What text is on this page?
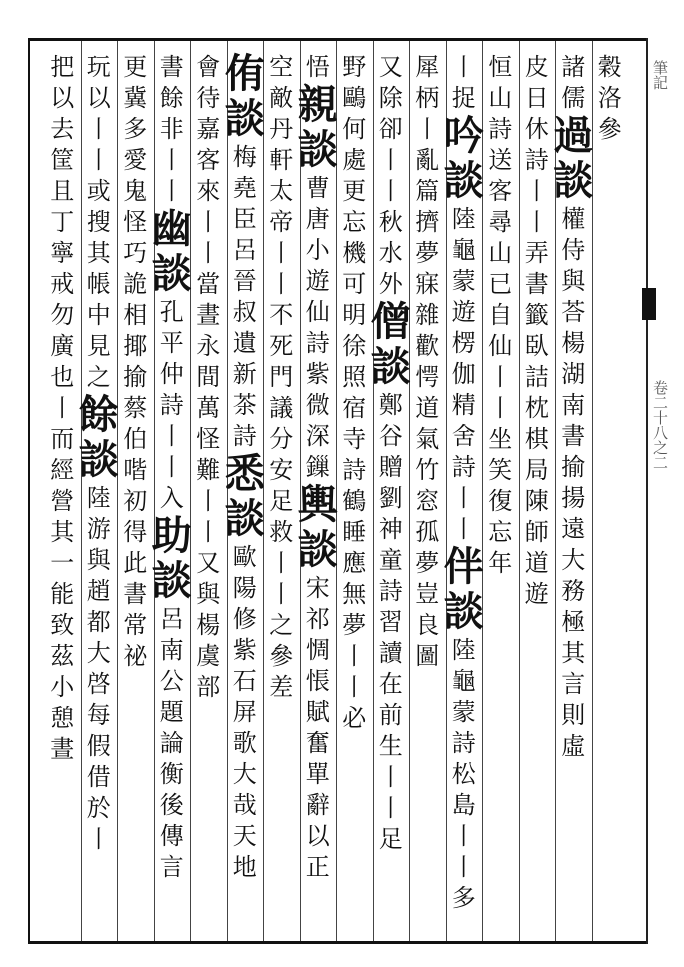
筆記
卷二十八之二
穀
洛
參
諸
儒
過
談
權
侍
與
荅
楊
湖
南
書
揄
揚
遠
大
務
極
其
言
則
虛
皮
日
休
詩
丨
丨
弄
書
籤
臥
詰
枕
棋
局
陳
師
道
遊
恒
山
詩
送
客
尋
山
已
自
仙
丨
丨
坐
笑
復
忘
年
丨
捉
吟
談
陸
龜
蒙
遊
楞
伽
精
舍
詩
丨
丨
伴
談
陸
龜
蒙
詩
松
島
丨
丨
多
犀
柄
丨
亂
篇
擠
夢
寐
雜
歡
愕
道
氣
竹
窓
孤
夢
豈
良
圖
又
除
卻
丨
丨
秋
水
外
僧
談
鄭
谷
贈
劉
神
童
詩
習
讀
在
前
生
丨
丨
足
野
鷗
何
處
更
忘
機
可
明
徐
照
宿
寺
詩
鶴
睡
應
無
夢
丨
丨
必
悟
親
談
曹
唐
小
遊
仙
詩
紫
微
深
鏁
輿
談
宋
祁
惆
悵
賦
奮
單
辭
以
正
空
敵
丹
軒
太
帝
丨
丨
不
死
門
議
分
安
足
救
丨
丨
之
參
差
侑
談
梅
堯
臣
呂
晉
叔
遺
新
茶
詩
悉
談
歐
陽
修
紫
石
屏
歌
大
哉
天
地
會
待
嘉
客
來
丨
丨
當
晝
永
間
萬
怪
難
丨
丨
又
與
楊
虞
部
書
餘
非
丨
丨
幽
談
孔
平
仲
詩
丨
丨
入
助
談
呂
南
公
題
論
衡
後
傳
言
更
冀
多
愛
鬼
怪
巧
詭
相
揶
揄
蔡
伯
喈
初
得
此
書
常
祕
玩
以
丨
丨
或
搜
其
帳
中
見
之
餘
談
陸
游
與
趙
都
大
啓
每
假
借
於
丨
把
以
去
筐
且
丁
寧
戒
勿
廣
也
丨
而
經
營
其
一
能
致
茲
小
憩
晝
